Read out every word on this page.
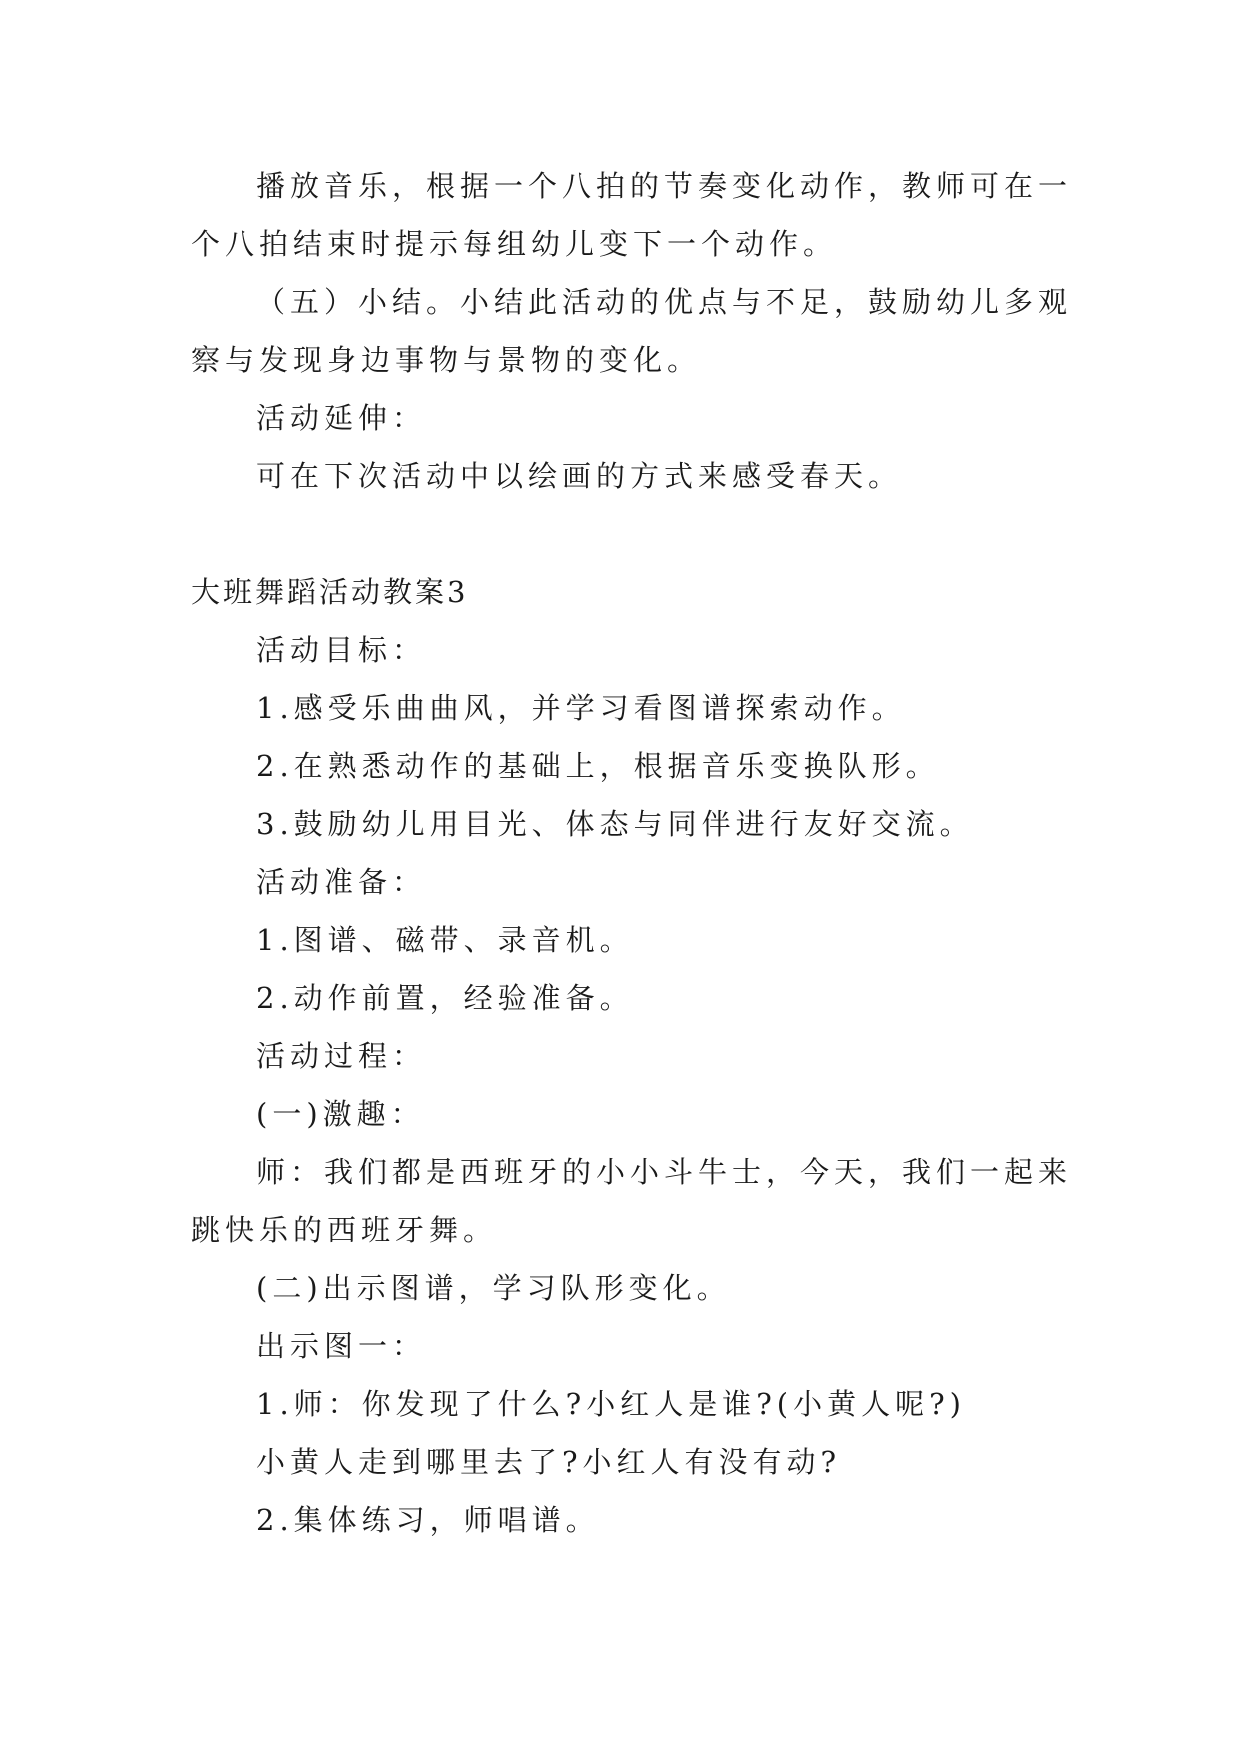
播放音乐，根据一个八拍的节奏变化动作，教师可在一
个八拍结束时提示每组幼儿变下一个动作。
（五）小结。小结此活动的优点与不足，鼓励幼儿多观
察与发现身边事物与景物的变化。
活动延伸：
可在下次活动中以绘画的方式来感受春天。
大班舞蹈活动教案3
活动目标：
1.感受乐曲曲风，并学习看图谱探索动作。
2.在熟悉动作的基础上，根据音乐变换队形。
3.鼓励幼儿用目光、体态与同伴进行友好交流。
活动准备：
1.图谱、磁带、录音机。
2.动作前置，经验准备。
活动过程：
(一)激趣：
师：我们都是西班牙的小小斗牛士，今天，我们一起来
跳快乐的西班牙舞。
(二)出示图谱，学习队形变化。
出示图一：
1.师：你发现了什么?小红人是谁?(小黄人呢?)
小黄人走到哪里去了?小红人有没有动?
2.集体练习，师唱谱。
